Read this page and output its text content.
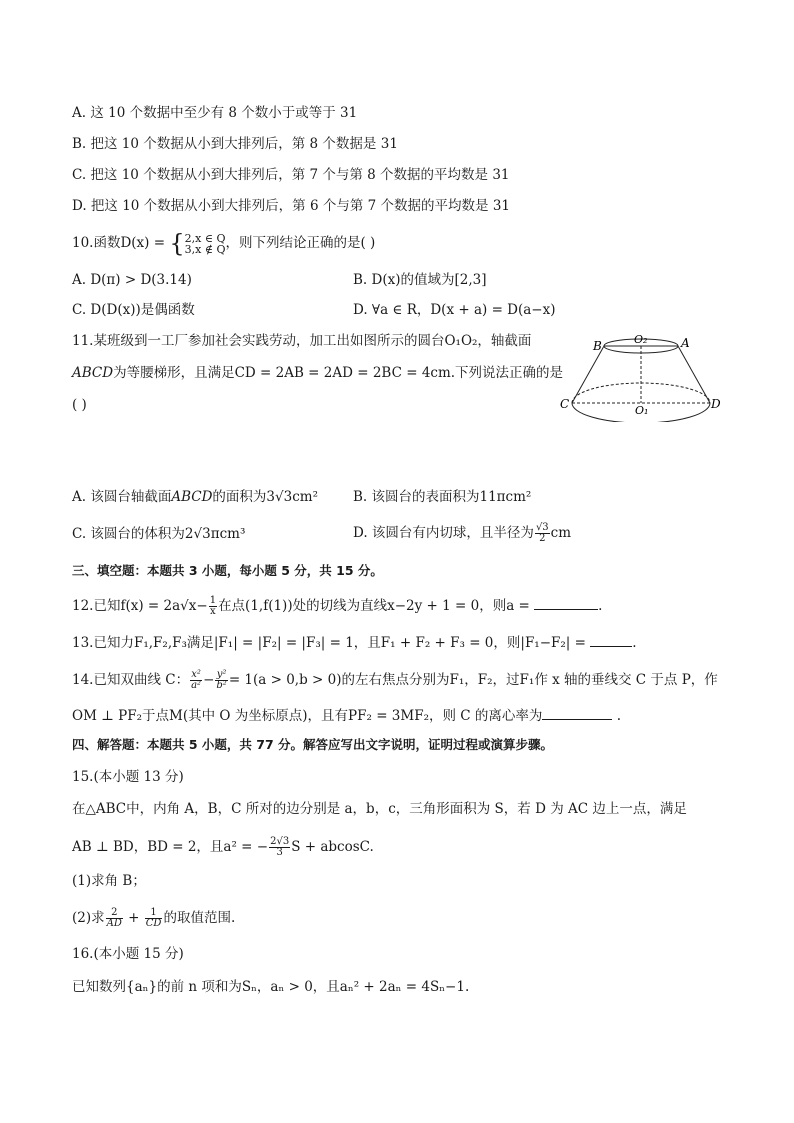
A. 这 10 个数据中至少有 8 个数小于或等于 31
B. 把这 10 个数据从小到大排列后，第 8 个数据是 31
C. 把这 10 个数据从小到大排列后，第 7 个与第 8 个数据的平均数是 31
D. 把这 10 个数据从小到大排列后，第 6 个与第 7 个数据的平均数是 31
10.函数D(x) = { 2,x ∈ Q
3,x ∉ Q ，则下列结论正确的是( )
A. D(π) > D(3.14)	B. D(x)的值域为[2,3]
C. D(D(x))是偶函数	D. ∀a ∈ R，D(x + a) = D(a−x)
11.某班级到一工厂参加社会实践劳动，加工出如图所示的圆台O₁O₂，轴截面
ABCD为等腰梯形，且满足CD = 2AB = 2AD = 2BC = 4cm.下列说法正确的是
( )
B	O₂	A
C	O₁	D
A. 该圆台轴截面ABCD的面积为3√3cm²	B. 该圆台的表面积为11πcm²
C. 该圆台的体积为2√3πcm³	D. 该圆台有内切球，且半径为 $\frac{√3}{2}$ cm
三、填空题：本题共 3 小题，每小题 5 分，共 15 分。
12.已知$f(x) = 2a√x- \frac{1}{x}$ 在点(1,f(1))处的切线为直线x−2y + 1 = 0，则a =	.
13.已知力F₁,F₂,F₃满足|F₁| = |F₂| = |F₃| = 1，且F₁ + F₂ + F₃ = 0，则|F₁−F₂| =	.
14.已知双曲线 C： $\frac{\text{x²}}{\text{a²}} - \frac{\text{y²}}{\text{b²}} = 1(a > 0,b > 0)$的左右焦点分别为F₁，F₂，过F₁作 x 轴的垂线交 C 于点 P，作
OM ⊥ PF₂于点M(其中 O 为坐标原点)，且有PF₂ = 3MF₂，则 C 的离心率为	.
四、解答题：本题共 5 小题，共 77 分。解答应写出文字说明，证明过程或演算步骤。
15.(本小题 13 分)
在△ABC中，内角 A，B，C 所对的边分别是 a，b，c，三角形面积为 S，若 D 为 AC 边上一点，满足
AB ⊥ BD，BD = 2，且a² = − $\frac{2√3}{3}$ S + abcosC.
(1)求角 B；
(2)求 $\frac{2}{AD} + \frac{1}{CD}$ 的取值范围.
16.(本小题 15 分)
已知数列{aₙ}的前 n 项和为Sₙ，aₙ > 0，且aₙ² + 2aₙ = 4Sₙ−1.
